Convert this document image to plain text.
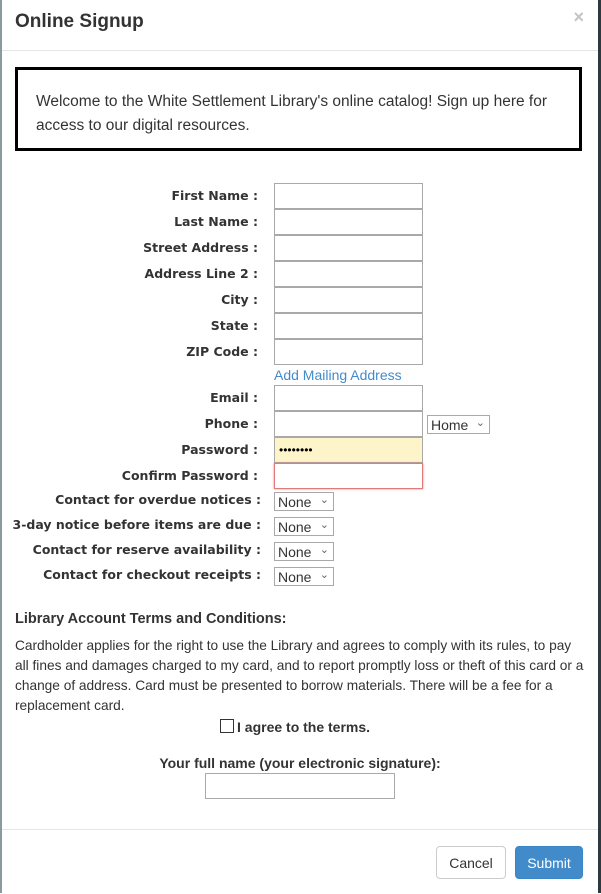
Online Signup	×

Welcome to the White Settlement Library's online catalog! Sign up here for access to our digital resources.

First Name :
Last Name :
Street Address :
Address Line 2 :
City :
State :
ZIP Code :
Add Mailing Address
Email :
Phone :	Home ⌄
Password : ••••••••
Confirm Password :
Contact for overdue notices : None ⌄
3-day notice before items are due : None ⌄
Contact for reserve availability : None ⌄
Contact for checkout receipts : None ⌄
Library Account Terms and Conditions:
Cardholder applies for the right to use the Library and agrees to comply with its rules, to pay all fines and damages charged to my card, and to report promptly loss or theft of this card or a change of address. Card must be presented to borrow materials. There will be a fee for a replacement card.
I agree to the terms.
Your full name (your electronic signature):
Cancel	Submit
